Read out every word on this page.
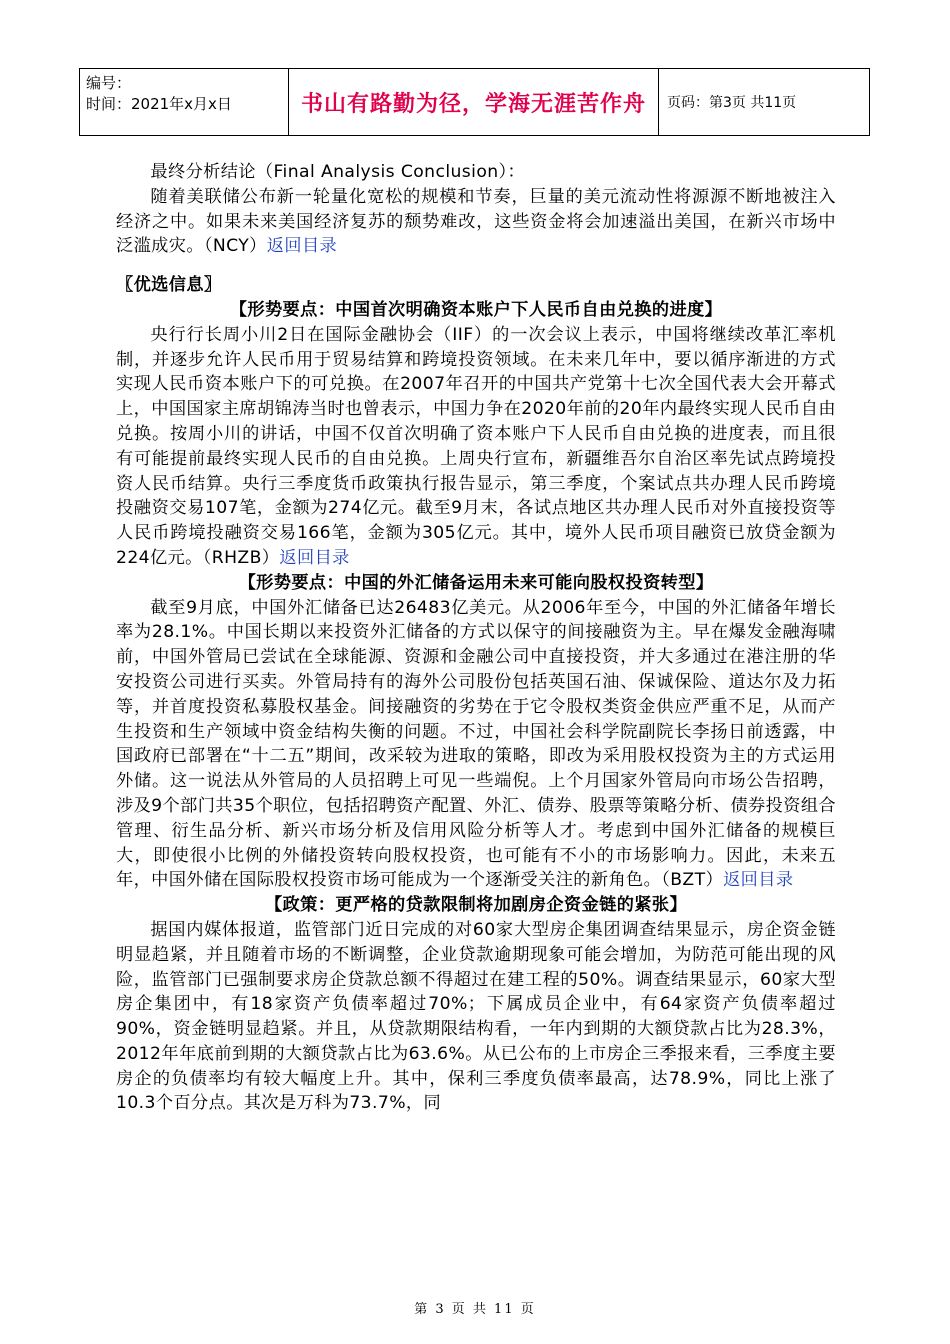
编号：
时间：2021年x月x日	书山有路勤为径，学海无涯苦作舟	页码：第3页 共11页

最终分析结论（Final Analysis Conclusion）：

随着美联储公布新一轮量化宽松的规模和节奏，巨量的美元流动性将源源不断地被注入经济之中。如果未来美国经济复苏的颓势难改，这些资金将会加速溢出美国，在新兴市场中泛滥成灾。（NCY）返回目录

〖优选信息〗

【形势要点：中国首次明确资本账户下人民币自由兑换的进度】

央行行长周小川2日在国际金融协会（IIF）的一次会议上表示，中国将继续改革汇率机制，并逐步允许人民币用于贸易结算和跨境投资领域。在未来几年中，要以循序渐进的方式实现人民币资本账户下的可兑换。在2007年召开的中国共产党第十七次全国代表大会开幕式上，中国国家主席胡锦涛当时也曾表示，中国力争在2020年前的20年内最终实现人民币自由兑换。按周小川的讲话，中国不仅首次明确了资本账户下人民币自由兑换的进度表，而且很有可能提前最终实现人民币的自由兑换。上周央行宣布，新疆维吾尔自治区率先试点跨境投资人民币结算。央行三季度货币政策执行报告显示，第三季度，个案试点共办理人民币跨境投融资交易107笔，金额为274亿元。截至9月末，各试点地区共办理人民币对外直接投资等人民币跨境投融资交易166笔，金额为305亿元。其中，境外人民币项目融资已放贷金额为224亿元。（RHZB）返回目录

【形势要点：中国的外汇储备运用未来可能向股权投资转型】

截至9月底，中国外汇储备已达26483亿美元。从2006年至今，中国的外汇储备年增长率为28.1%。中国长期以来投资外汇储备的方式以保守的间接融资为主。早在爆发金融海啸前，中国外管局已尝试在全球能源、资源和金融公司中直接投资，并大多通过在港注册的华安投资公司进行买卖。外管局持有的海外公司股份包括英国石油、保诚保险、道达尔及力拓等，并首度投资私募股权基金。间接融资的劣势在于它令股权类资金供应严重不足，从而产生投资和生产领域中资金结构失衡的问题。不过，中国社会科学院副院长李扬日前透露，中国政府已部署在“十二五”期间，改采较为进取的策略，即改为采用股权投资为主的方式运用外储。这一说法从外管局的人员招聘上可见一些端倪。上个月国家外管局向市场公告招聘，涉及9个部门共35个职位，包括招聘资产配置、外汇、债券、股票等策略分析、债券投资组合管理、衍生品分析、新兴市场分析及信用风险分析等人才。考虑到中国外汇储备的规模巨大，即使很小比例的外储投资转向股权投资，也可能有不小的市场影响力。因此，未来五年，中国外储在国际股权投资市场可能成为一个逐渐受关注的新角色。（BZT）返回目录

【政策：更严格的贷款限制将加剧房企资金链的紧张】

据国内媒体报道，监管部门近日完成的对60家大型房企集团调查结果显示，房企资金链明显趋紧，并且随着市场的不断调整，企业贷款逾期现象可能会增加，为防范可能出现的风险，监管部门已强制要求房企贷款总额不得超过在建工程的50%。调查结果显示，60家大型房企集团中，有18家资产负债率超过70%；下属成员企业中，有64家资产负债率超过90%，资金链明显趋紧。并且，从贷款期限结构看，一年内到期的大额贷款占比为28.3%，2012年年底前到期的大额贷款占比为63.6%。从已公布的上市房企三季报来看，三季度主要房企的负债率均有较大幅度上升。其中，保利三季度负债率最高，达78.9%，同比上涨了10.3个百分点。其次是万科为73.7%，同

第 3 页 共 11 页
